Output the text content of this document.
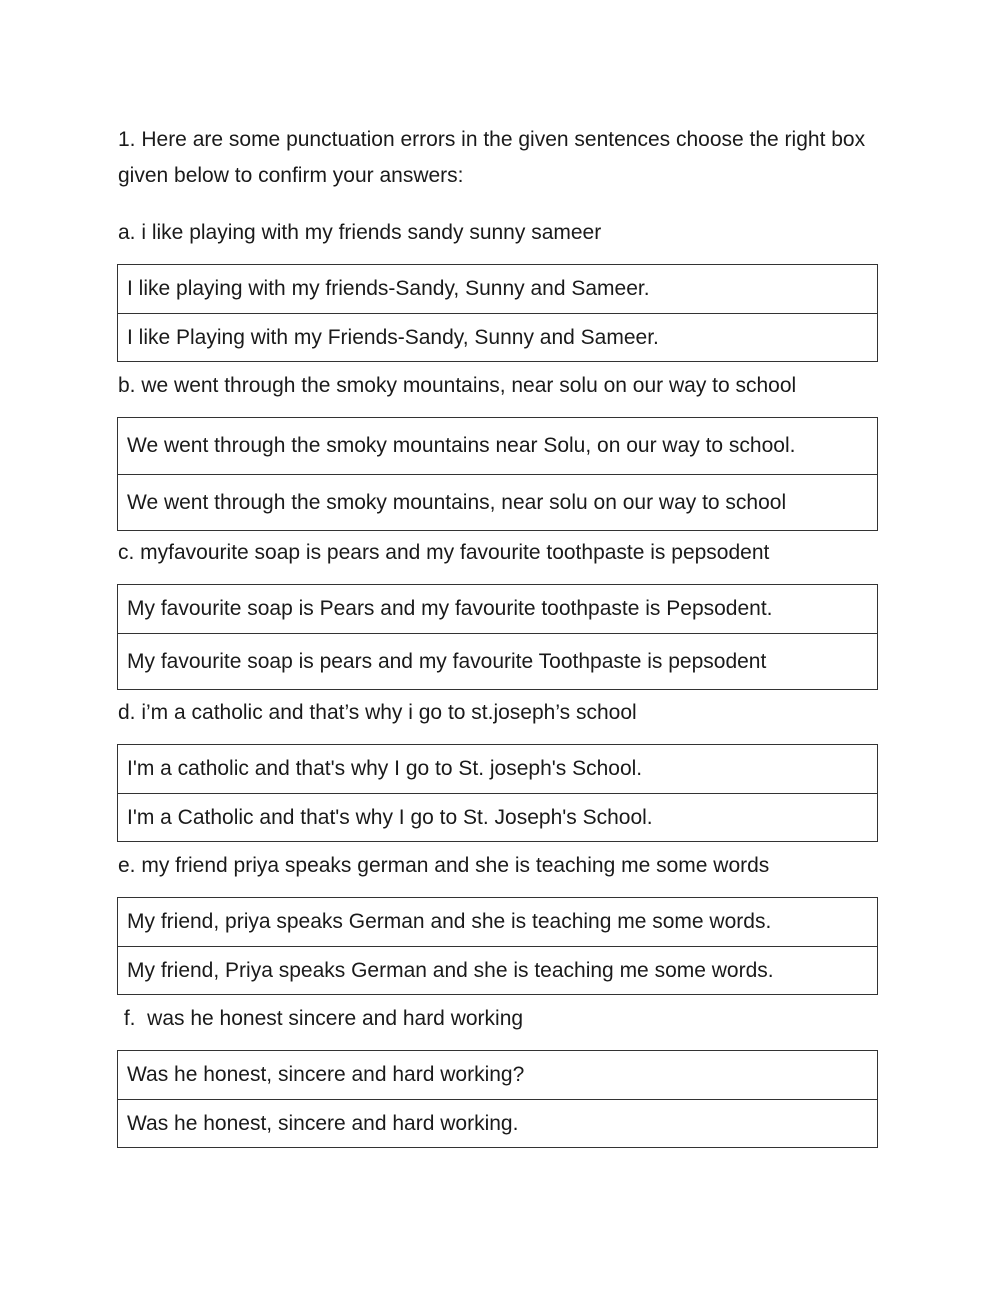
1. Here are some punctuation errors in the given sentences choose the right box given below to confirm your answers:

a. i like playing with my friends sandy sunny sameer
I like playing with my friends-Sandy, Sunny and Sameer.
I like Playing with my Friends-Sandy, Sunny and Sameer.
b. we went through the smoky mountains, near solu on our way to school
We went through the smoky mountains near Solu, on our way to school.
We went through the smoky mountains, near solu on our way to school
c. myfavourite soap is pears and my favourite toothpaste is pepsodent
My favourite soap is Pears and my favourite toothpaste is Pepsodent.
My favourite soap is pears and my favourite Toothpaste is pepsodent
d. i’m a catholic and that’s why i go to st.joseph’s school
I'm a catholic and that's why I go to St. joseph's School.
I'm a Catholic and that's why I go to St. Joseph's School.
e. my friend priya speaks german and she is teaching me some words
My friend, priya speaks German and she is teaching me some words.
My friend, Priya speaks German and she is teaching me some words.
f.  was he honest sincere and hard working
Was he honest, sincere and hard working?
Was he honest, sincere and hard working.
